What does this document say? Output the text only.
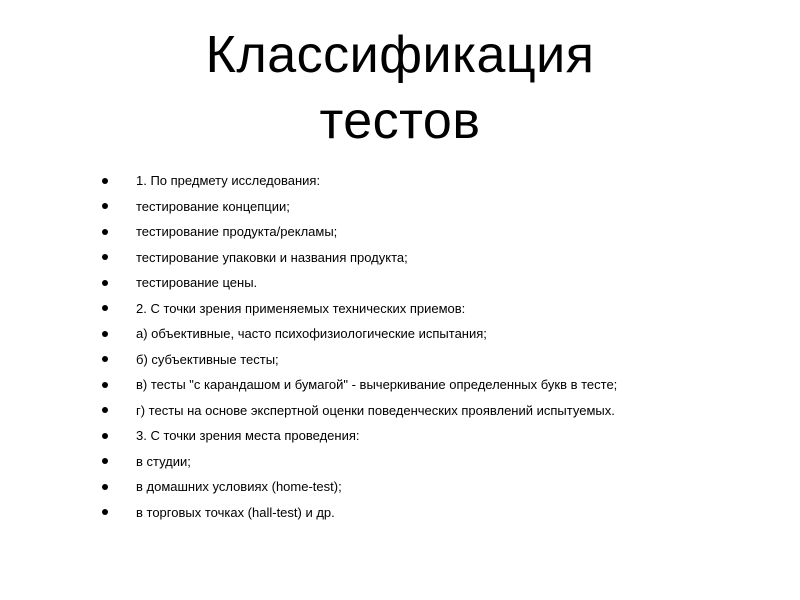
Классификация
тестов
1. По предмету исследования:
тестирование концепции;
тестирование продукта/рекламы;
тестирование упаковки и названия продукта;
тестирование цены.
2. С точки зрения применяемых технических приемов:
а) объективные, часто психофизиологические испытания;
б) субъективные тесты;
в) тесты "с карандашом и бумагой" - вычеркивание определенных букв в тесте;
г) тесты на основе экспертной оценки поведенческих проявлений испытуемых.
3. С точки зрения места проведения:
в студии;
в домашних условиях (home-test);
в торговых точках (hall-test) и др.
